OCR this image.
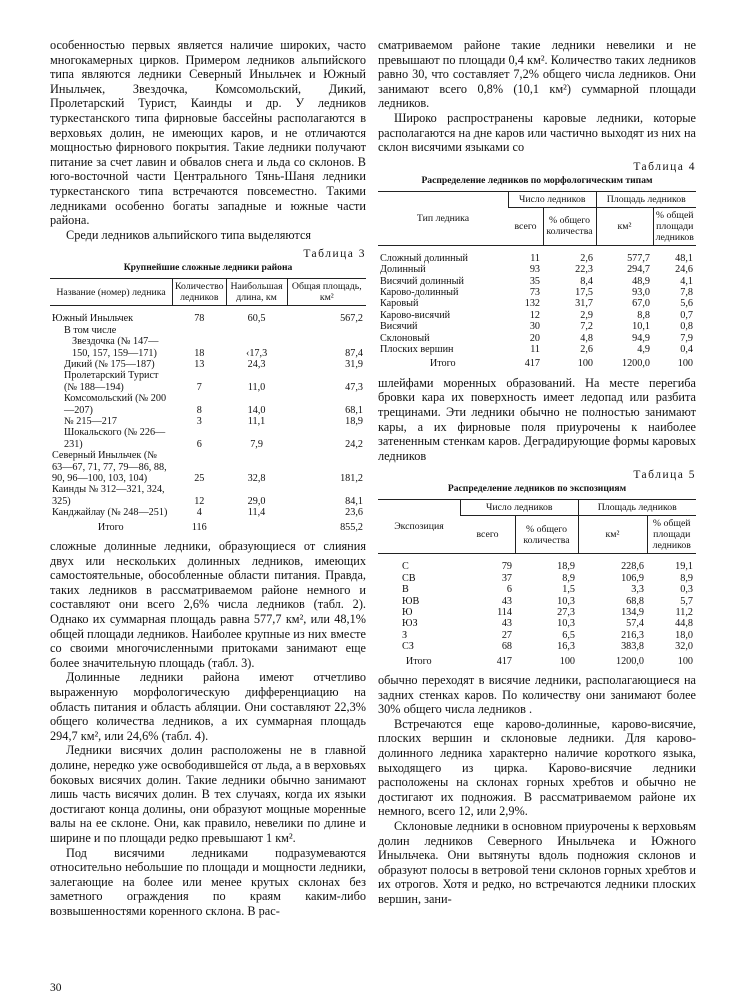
особенностью первых является наличие широких, часто многокамерных цирков. Примером ледников альпийского типа являются ледники Северный Иныльчек и Южный Иныльчек, Звездочка, Комсомольский, Дикий, Пролетарский Турист, Каинды и др. У ледников туркестанского типа фирновые бассейны располагаются в верховьях долин, не имеющих каров, и не отличаются мощностью фирнового покрытия. Такие ледники получают питание за счет лавин и обвалов снега и льда со склонов. В юго-восточной части Центрального Тянь-Шаня ледники туркестанского типа встречаются повсеместно. Такими ледниками особенно богаты западные и южные части района.

Среди ледников альпийского типа выделяются

Таблица 3
Крупнейшие сложные ледники района
Название (номер) ледника	Количество ледников	Наибольшая длина, км	Общая площадь, км²
Южный Иныльчек	78	60,5	567,2
В том числе			
Звездочка (№ 147—150, 157, 159—171)	18	‹17,3	87,4
Дикий (№ 175—187)	13	24,3	31,9
Пролетарский Турист (№ 188—194)	7	11,0	47,3
Комсомольский (№ 200—207)	8	14,0	68,1
№ 215—217	3	11,1	18,9
Шокальского (№ 226—231)	6	7,9	24,2
Северный Иныльчек (№ 63—67, 71, 77, 79—86, 88, 90, 96—100, 103, 104)	25	32,8	181,2
Каинды № 312—321, 324, 325)	12	29,0	84,1
Канджайлау (№ 248—251)	4	11,4	23,6
Итого	116		855,2

сложные долинные ледники, образующиеся от слияния двух или нескольких долинных ледников, имеющих самостоятельные, обособленные области питания. Правда, таких ледников в рассматриваемом районе немного и составляют они всего 2,6% числа ледников (табл. 2). Однако их суммарная площадь равна 577,7 км², или 48,1% общей площади ледников. Наиболее крупные из них вместе со своими многочисленными притоками занимают еще более значительную площадь (табл. 3).

Долинные ледники района имеют отчетливо выраженную морфологическую дифференциацию на область питания и область абляции. Они составляют 22,3% общего количества ледников, а их суммарная площадь 294,7 км², или 24,6% (табл. 4).

Ледники висячих долин расположены не в главной долине, нередко уже освободившейся от льда, а в верховьях боковых висячих долин. Такие ледники обычно занимают лишь часть висячих долин. В тех случаях, когда их языки достигают конца долины, они образуют мощные моренные валы на ее склоне. Они, как правило, невелики по длине и ширине и по площади редко превышают 1 км².

Под висячими ледниками подразумеваются относительно небольшие по площади и мощности ледники, залегающие на более или менее крутых склонах без заметного ограждения по краям каким-либо возвышенностями коренного склона. В рас-

сматриваемом районе такие ледники невелики и не превышают по площади 0,4 км². Количество таких ледников равно 30, что составляет 7,2% общего числа ледников. Они занимают всего 0,8% (10,1 км²) суммарной площади ледников.

Широко распространены каровые ледники, которые располагаются на дне каров или частично выходят из них на склон висячими языками со

Таблица 4
Распределение ледников по морфологическим типам
Тип ледника	Число ледников		Площадь ледников	
	всего	% общего количества	км²	% общей площади ледников
Сложный долинный	11	2,6	577,7	48,1
Долинный	93	22,3	294,7	24,6
Висячий долинный	35	8,4	48,9	4,1
Карово-долинный	73	17,5	93,0	7,8
Каровый	132	31,7	67,0	5,6
Карово-висячий	12	2,9	8,8	0,7
Висячий	30	7,2	10,1	0,8
Склоновый	20	4,8	94,9	7,9
Плоских вершин	11	2,6	4,9	0,4
Итого	417	100	1200,0	100

шлейфами моренных образований. На месте перегиба бровки кара их поверхность имеет ледопад или разбита трещинами. Эти ледники обычно не полностью занимают кары, а их фирновые поля приурочены к наиболее затененным стенкам каров. Деградирующие формы каровых ледников

Таблица 5
Распределение ледников по экспозициям
Экспозиция	Число ледников		Площадь ледников	
	всего	% общего количества	км²	% общей площади ледников
С	79	18,9	228,6	19,1
СВ	37	8,9	106,9	8,9
В	6	1,5	3,3	0,3
ЮВ	43	10,3	68,8	5,7
Ю	114	27,3	134,9	11,2
ЮЗ	43	10,3	57,4	44,8
З	27	6,5	216,3	18,0
СЗ	68	16,3	383,8	32,0
Итого	417	100	1200,0	100

обычно переходят в висячие ледники, располагающиеся на задних стенках каров. По количеству они занимают более 30% общего числа ледников .

Встречаются еще карово-долинные, карово-висячие, плоских вершин и склоновые ледники. Для карово-долинного ледника характерно наличие короткого языка, выходящего из цирка. Карово-висячие ледники расположены на склонах горных хребтов и обычно не достигают их подножия. В рассматриваемом районе их немного, всего 12, или 2,9%.

Склоновые ледники в основном приурочены к верховьям долин ледников Северного Иныльчека и Южного Иныльчека. Они вытянуты вдоль подножия склонов и образуют полосы в ветровой тени склонов горных хребтов и их отрогов. Хотя и редко, но встречаются ледники плоских вершин, зани-

30
